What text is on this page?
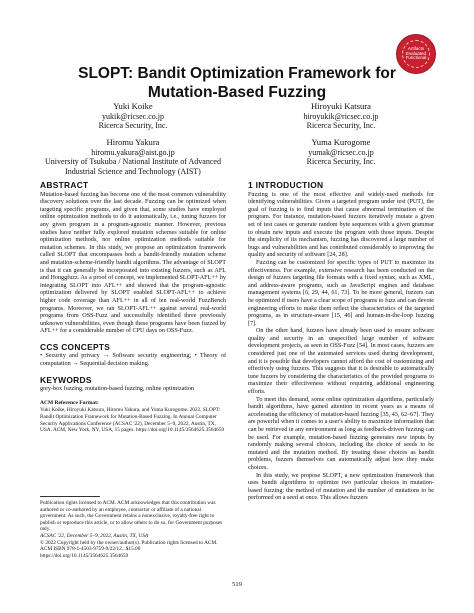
Artifacts Evaluated Functional
SLOPT: Bandit Optimization Framework for
Mutation-Based Fuzzing
Yuki Koike
yukik@ricsec.co.jp
Ricerca Security, Inc.
Hiroyuki Katsura
hiroyukik@ricsec.co.jp
Ricerca Security, Inc.
Hiromu Yakura
hiromu.yakura@aist.go.jp
University of Tsukuba / National Institute of Advanced
Industrial Science and Technology (AIST)
Yuma Kurogome
yumak@ricsec.co.jp
Ricerca Security, Inc.
ABSTRACT

Mutation-based fuzzing has become one of the most common vulnerability discovery solutions over the last decade. Fuzzing can be optimized when targeting specific programs, and given that, some studies have employed online optimization methods to do it automatically, i.e., tuning fuzzers for any given program in a program-agnostic manner. However, previous studies have neither fully explored mutation schemes suitable for online optimization methods, nor online optimization methods suitable for mutation schemes. In this study, we propose an optimization framework called SLOPT that encompasses both a bandit-friendly mutation scheme and mutation-scheme-friendly bandit algorithms. The advantage of SLOPT is that it can generally be incorporated into existing fuzzers, such as AFL and Honggfuzz. As a proof of concept, we implemented SLOPT-AFL++ by integrating SLOPT into AFL++ and showed that the program-agnostic optimization delivered by SLOPT enabled SLOPT-AFL++ to achieve higher code coverage than AFL++ in all of ten real-world FuzzBench programs. Moreover, we ran SLOPT-AFL++ against several real-world programs from OSS-Fuzz and successfully identified three previously unknown vulnerabilities, even though these programs have been fuzzed by AFL++ for a considerable number of CPU days on OSS-Fuzz.

CCS CONCEPTS

• Security and privacy → Software security engineering; • Theory of computation → Sequential decision making.

KEYWORDS

grey-box fuzzing, mutation-based fuzzing, online optimization

ACM Reference Format:

Yuki Koike, Hiroyuki Katsura, Hiromu Yakura, and Yuma Kurogome. 2022. SLOPT: Bandit Optimization Framework for Mutation-Based Fuzzing. In Annual Computer Security Applications Conference (ACSAC '22), December 5–9, 2022, Austin, TX, USA. ACM, New York, NY, USA, 15 pages. https://doi.org/10.1145/3564625.3564659

Publication rights licensed to ACM. ACM acknowledges that this contribution was authored or co-authored by an employee, contractor or affiliate of a national government. As such, the Government retains a nonexclusive, royalty-free right to publish or reproduce this article, or to allow others to do so, for Government purposes only.

ACSAC '22, December 5–9, 2022, Austin, TX, USA

© 2022 Copyright held by the owner/author(s). Publication rights licensed to ACM. ACM ISBN 978-1-4503-9759-9/22/12...$15.00

https://doi.org/10.1145/3564625.3564659

1 INTRODUCTION

Fuzzing is one of the most effective and widely-used methods for identifying vulnerabilities. Given a targeted program under test (PUT), the goal of fuzzing is to find inputs that cause abnormal termination of the program. For instance, mutation-based fuzzers iteratively mutate a given set of test cases or generate random byte sequences with a given grammar to obtain new inputs and execute the program with those inputs. Despite the simplicity of its mechanism, fuzzing has discovered a large number of bugs and vulnerabilities and has contributed considerably to improving the quality and security of software [24, 28].

Fuzzing can be customized for specific types of PUT to maximize its effectiveness. For example, extensive research has been conducted on the design of fuzzers targeting file formats with a fixed syntax, such as XML, and address-aware programs, such as JavaScript engines and database management systems [6, 29, 44, 61, 73]. To be more general, fuzzers can be optimized if users have a clear scope of programs to fuzz and can devote engineering efforts to make them reflect the characteristics of the targeted programs, as in structure-aware [15, 46] and human-in-the-loop fuzzing [7].

On the other hand, fuzzers have already been used to ensure software quality and security in an unspecified large number of software development projects, as seen in OSS-Fuzz [54]. In most cases, fuzzers are considered just one of the automated services used during development, and it is possible that developers cannot afford the cost of customizing and effectively using fuzzers. This suggests that it is desirable to automatically tune fuzzers by considering the characteristics of the provided programs to maximize their effectiveness without requiring additional engineering efforts.

To meet this demand, some online optimization algorithms, particularly bandit algorithms, have gained attention in recent years as a means of accelerating the efficiency of mutation-based fuzzing [35, 43, 62–67]. They are powerful when it comes to a user's ability to maximize information that can be retrieved in any environment as long as feedback-driven fuzzing can be used. For example, mutation-based fuzzing generates new inputs by randomly making several choices, including the choice of seeds to be mutated and the mutation method. By treating these choices as bandit problems, fuzzers themselves can automatically adjust how they make choices.

In this study, we propose SLOPT, a new optimization framework that uses bandit algorithms to optimize two particular choices in mutation-based fuzzing: the method of mutation and the number of mutations to be performed on a seed at once. This allows fuzzers

519
